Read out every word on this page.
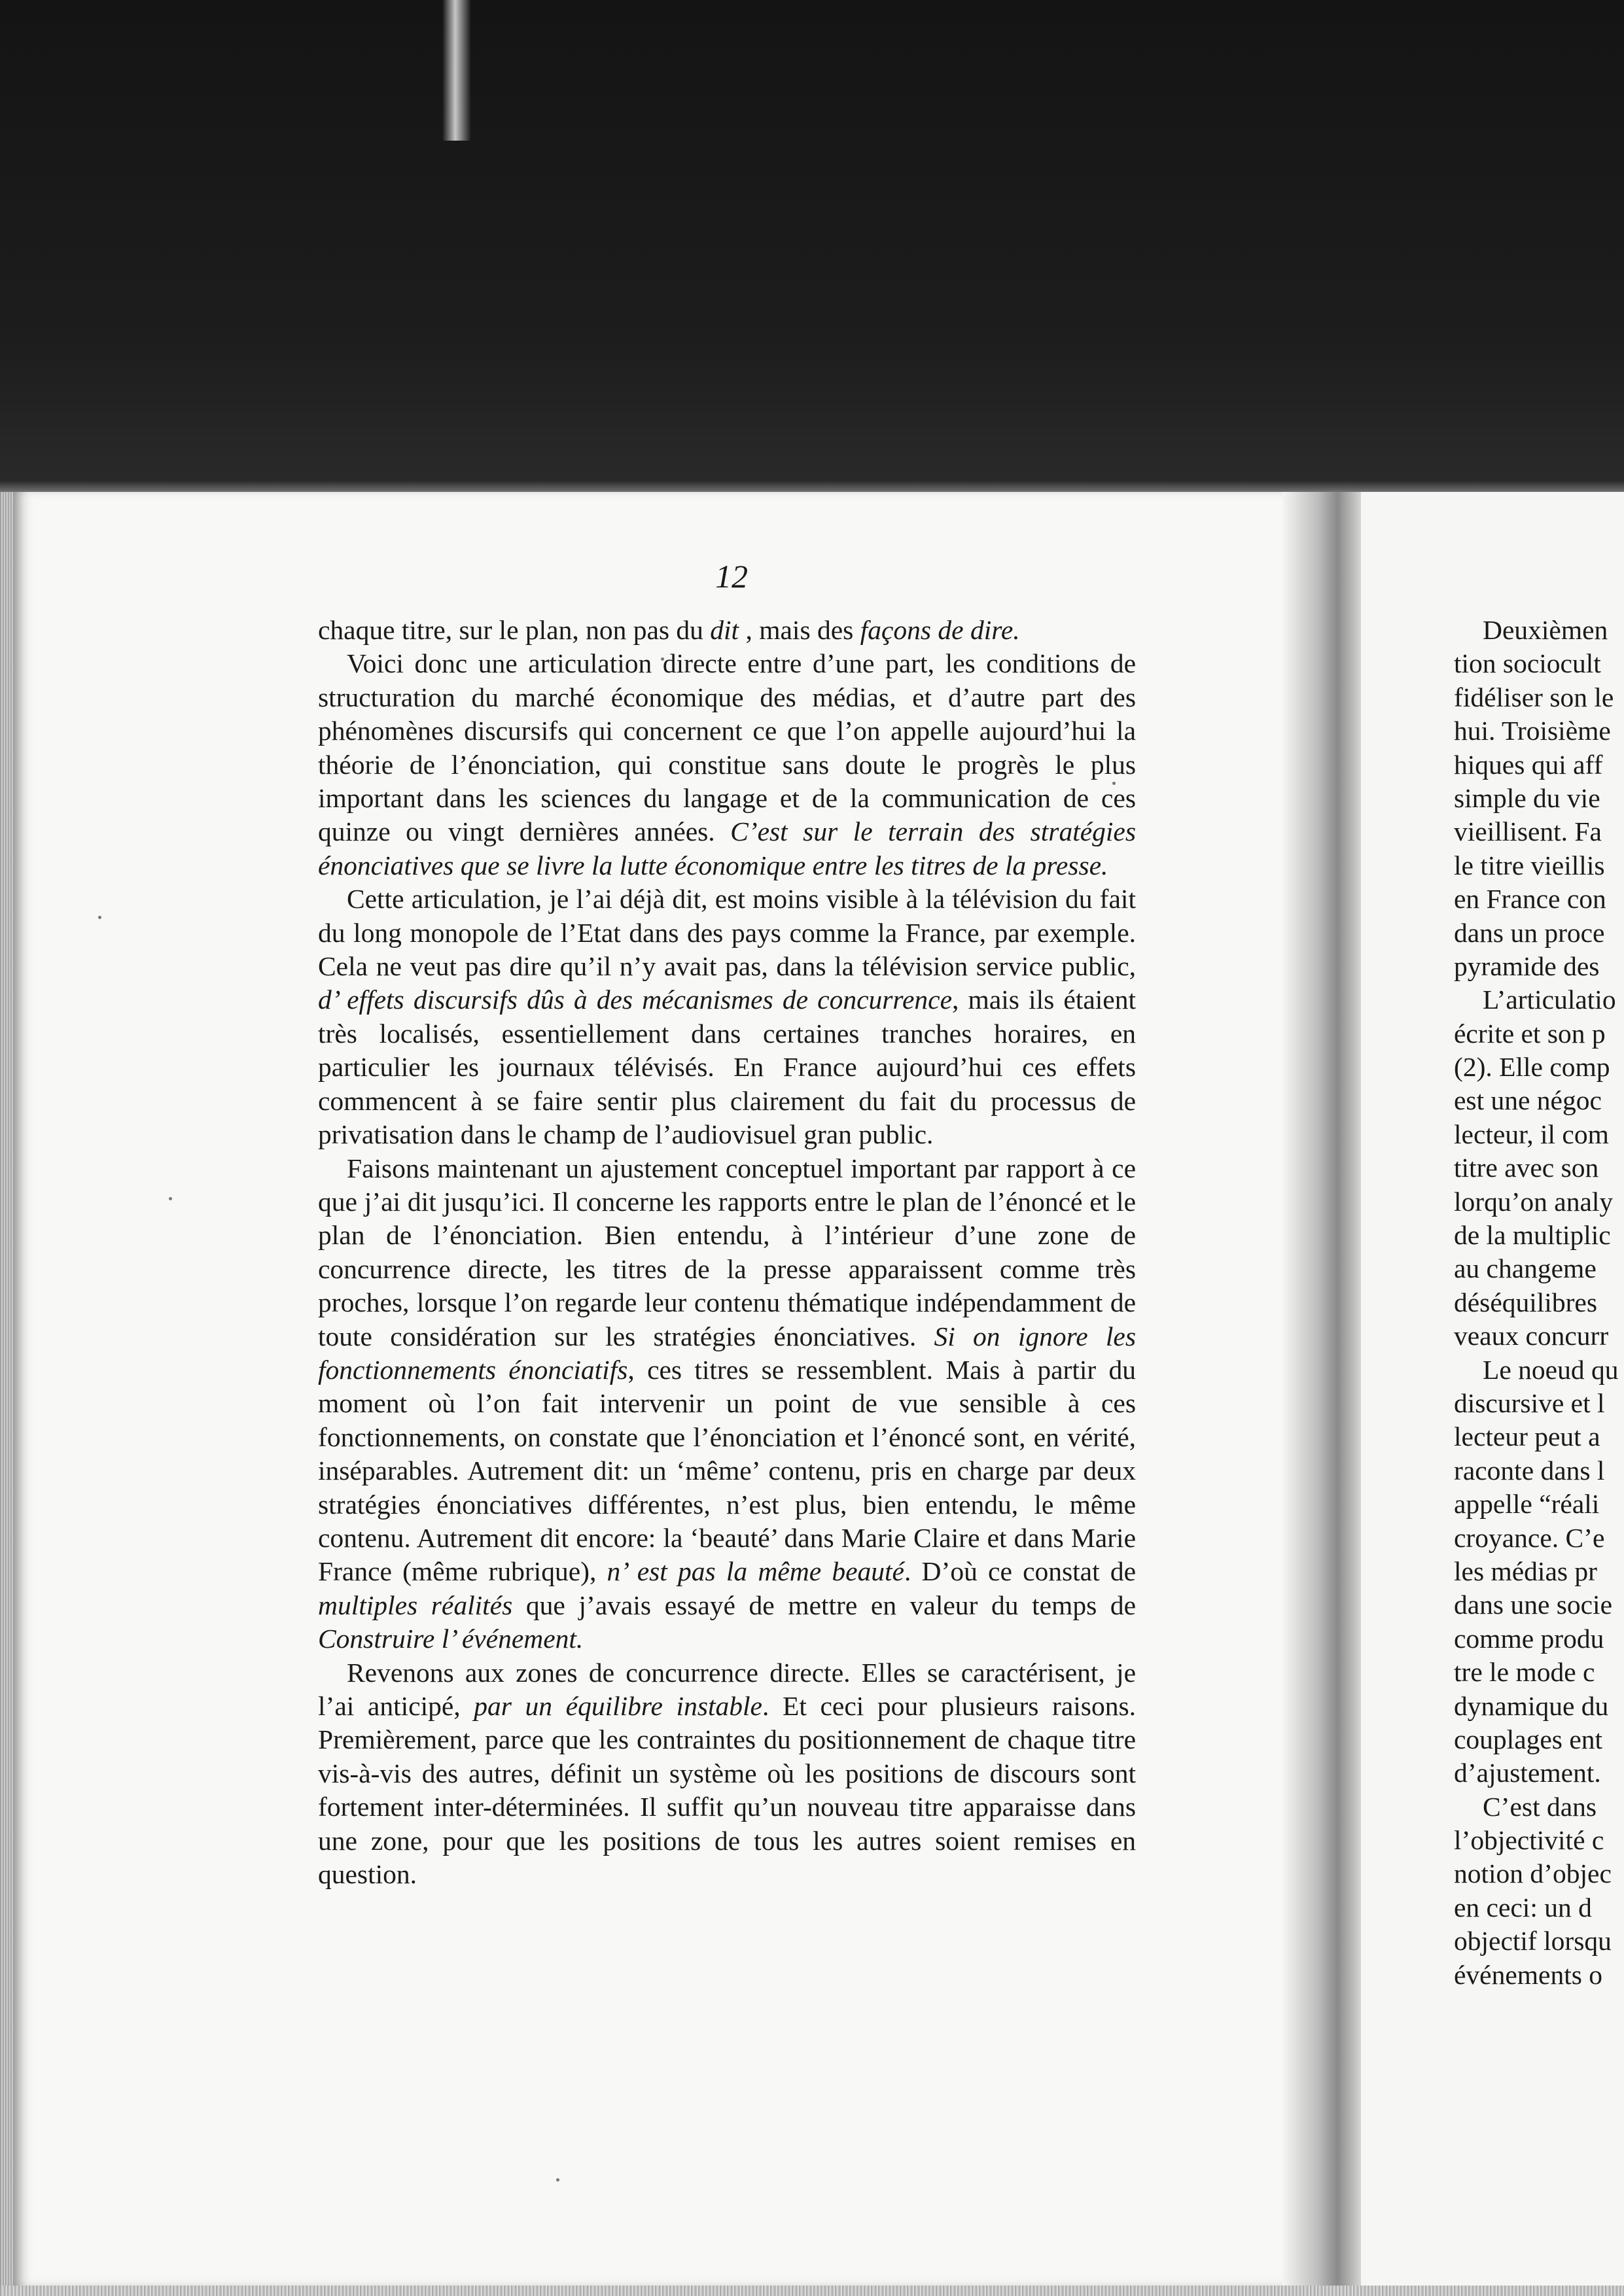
12

chaque titre, sur le plan, non pas du dit , mais des façons de dire.

Voici donc une articulation directe entre d’une part, les conditions de structuration du marché économique des médias, et d’autre part des phénomènes discursifs qui concernent ce que l’on appelle aujourd’hui la théorie de l’énonciation, qui constitue sans doute le progrès le plus important dans les sciences du langage et de la communication de ces quinze ou vingt dernières années. C’est sur le terrain des stratégies énonciatives que se livre la lutte économique entre les titres de la presse.

Cette articulation, je l’ai déjà dit, est moins visible à la télévision du fait du long monopole de l’Etat dans des pays comme la France, par exemple. Cela ne veut pas dire qu’il n’y avait pas, dans la télévision service public, d’ effets discursifs dûs à des mécanismes de concurrence, mais ils étaient très localisés, essentiellement dans certaines tranches horaires, en particulier les journaux télévisés. En France aujourd’hui ces effets commencent à se faire sentir plus clairement du fait du processus de privatisation dans le champ de l’audiovisuel gran public.

Faisons maintenant un ajustement conceptuel important par rapport à ce que j’ai dit jusqu’ici. Il concerne les rapports entre le plan de l’énoncé et le plan de l’énonciation. Bien entendu, à l’intérieur d’une zone de concurrence directe, les titres de la presse apparaissent comme très proches, lorsque l’on regarde leur contenu thématique indépendamment de toute considération sur les stratégies énonciatives. Si on ignore les fonctionnements énonciatifs, ces titres se ressemblent. Mais à partir du moment où l’on fait intervenir un point de vue sensible à ces fonctionnements, on constate que l’énonciation et l’énoncé sont, en vérité, inséparables. Autrement dit: un ‘même’ contenu, pris en charge par deux stratégies énonciatives différentes, n’est plus, bien entendu, le même contenu. Autrement dit encore: la ‘beauté’ dans Marie Claire et dans Marie France (même rubrique), n’ est pas la même beauté. D’où ce constat de multiples réalités que j’avais essayé de mettre en valeur du temps de Construire l’ événement.

Revenons aux zones de concurrence directe. Elles se caractérisent, je l’ai anticipé, par un équilibre instable. Et ceci pour plusieurs raisons. Premièrement, parce que les contraintes du positionnement de chaque titre vis-à-vis des autres, définit un système où les positions de discours sont fortement inter-déterminées. Il suffit qu’un nouveau titre apparaisse dans une zone, pour que les positions de tous les autres soient remises en question.

Deuxièmen
tion sociocult
fidéliser son le
hui. Troisième
hiques qui aff
simple du vie
vieillisent. Fa
le titre vieillis
en France con
dans un proce
pyramide des
L’articulatio
écrite et son p
(2). Elle comp
est une négoc
lecteur, il com
titre avec son
lorqu’on analy
de la multiplic
au changeme
déséquilibres
veaux concurr
Le noeud qu
discursive et l
lecteur peut a
raconte dans l
appelle “réali
croyance. C’e
les médias pr
dans une socie
comme produ
tre le mode c
dynamique du
couplages ent
d’ajustement.
C’est dans
l’objectivité c
notion d’objec
en ceci: un d
objectif lorsqu
événements o
